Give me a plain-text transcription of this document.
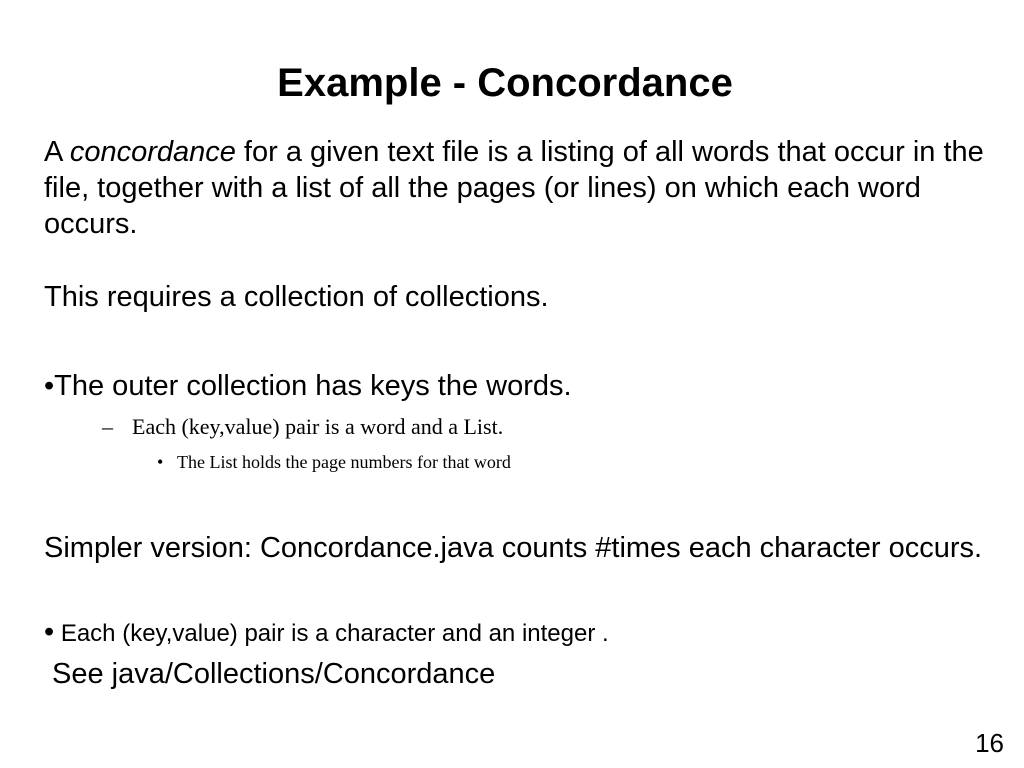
Example - Concordance

A concordance for a given text file is a listing of all words that occur in the file, together with a list of all the pages (or lines) on which each word occurs.

This requires a collection of collections.

•The outer collection has keys the words.

– Each (key,value) pair is a word and a List.

• The List holds the page numbers for that word

Simpler version: Concordance.java counts #times each character occurs.

• Each (key,value) pair is a character and an integer .

See java/Collections/Concordance

16
